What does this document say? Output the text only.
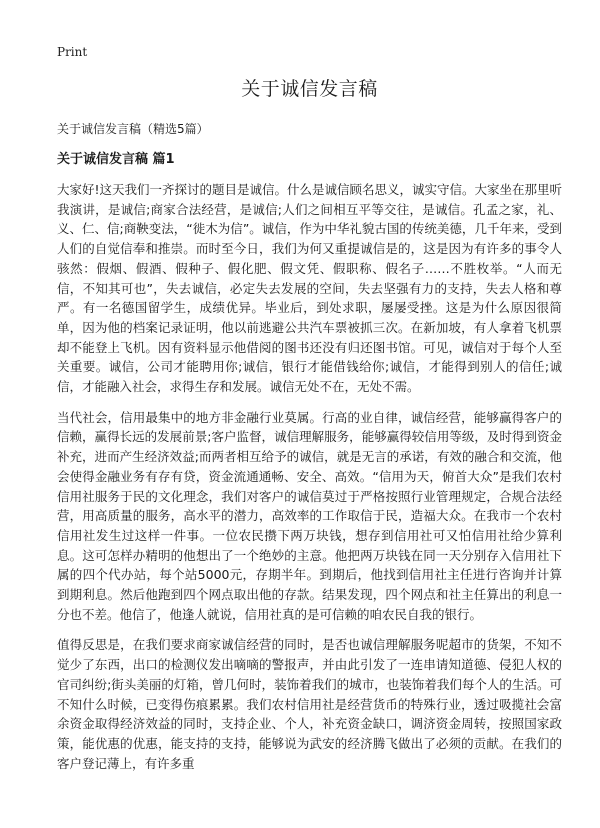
Print
关于诚信发言稿
关于诚信发言稿（精选5篇）
关于诚信发言稿 篇1

大家好!这天我们一齐探讨的题目是诚信。什么是诚信顾名思义，诚实守信。大家坐在那里听我演讲，是诚信;商家合法经营，是诚信;人们之间相互平等交往，是诚信。孔孟之家，礼、义、仁、信;商鞅变法，“徙木为信”。诚信，作为中华礼貌古国的传统美德，几千年来，受到人们的自觉信奉和推崇。而时至今日，我们为何又重提诚信是的，这是因为有许多的事令人骇然：假烟、假酒、假种子、假化肥、假文凭、假职称、假名子……不胜枚举。“人而无信，不知其可也”，失去诚信，必定失去发展的空间，失去坚强有力的支持，失去人格和尊严。有一名德国留学生，成绩优异。毕业后，到处求职，屡屡受挫。这是为什么原因很简单，因为他的档案记录证明，他以前逃避公共汽车票被抓三次。在新加坡，有人拿着飞机票却不能登上飞机。因有资料显示他借阅的图书还没有归还图书馆。可见，诚信对于每个人至关重要。诚信，公司才能聘用你;诚信，银行才能借钱给你;诚信，才能得到别人的信任;诚信，才能融入社会，求得生存和发展。诚信无处不在，无处不需。

当代社会，信用最集中的地方非金融行业莫属。行高的业自律，诚信经营，能够赢得客户的信赖，赢得长远的发展前景;客户监督，诚信理解服务，能够赢得较信用等级，及时得到资金补充，进而产生经济效益;而两者相互给予的诚信，就是无言的承诺，有效的融合和交流，他会使得金融业务有存有贷，资金流通通畅、安全、高效。“信用为天，俯首大众”是我们农村信用社服务于民的文化理念，我们对客户的诚信莫过于严格按照行业管理规定，合规合法经营，用高质量的服务，高水平的潜力，高效率的工作取信于民，造福大众。在我市一个农村信用社发生过这样一件事。一位农民攒下两万块钱，想存到信用社可又怕信用社给少算利息。这可怎样办精明的他想出了一个绝妙的主意。他把两万块钱在同一天分别存入信用社下属的四个代办站，每个站5000元，存期半年。到期后，他找到信用社主任进行咨询并计算到期利息。然后他跑到四个网点取出他的存款。结果发现，四个网点和社主任算出的利息一分也不差。他信了，他逢人就说，信用社真的是可信赖的咱农民自我的银行。

值得反思是，在我们要求商家诚信经营的同时，是否也诚信理解服务呢超市的货架，不知不觉少了东西，出口的检测仪发出嘀嘀的警报声，并由此引发了一连串请知道德、侵犯人权的官司纠纷;街头美丽的灯箱，曾几何时，装饰着我们的城市，也装饰着我们每个人的生活。可不知什么时候，已变得伤痕累累。我们农村信用社是经营货币的特殊行业，透过吸揽社会富余资金取得经济效益的同时，支持企业、个人，补充资金缺口，调济资金周转，按照国家政策，能优惠的优惠，能支持的支持，能够说为武安的经济腾飞做出了必须的贡献。在我们的客户登记薄上，有许多重
